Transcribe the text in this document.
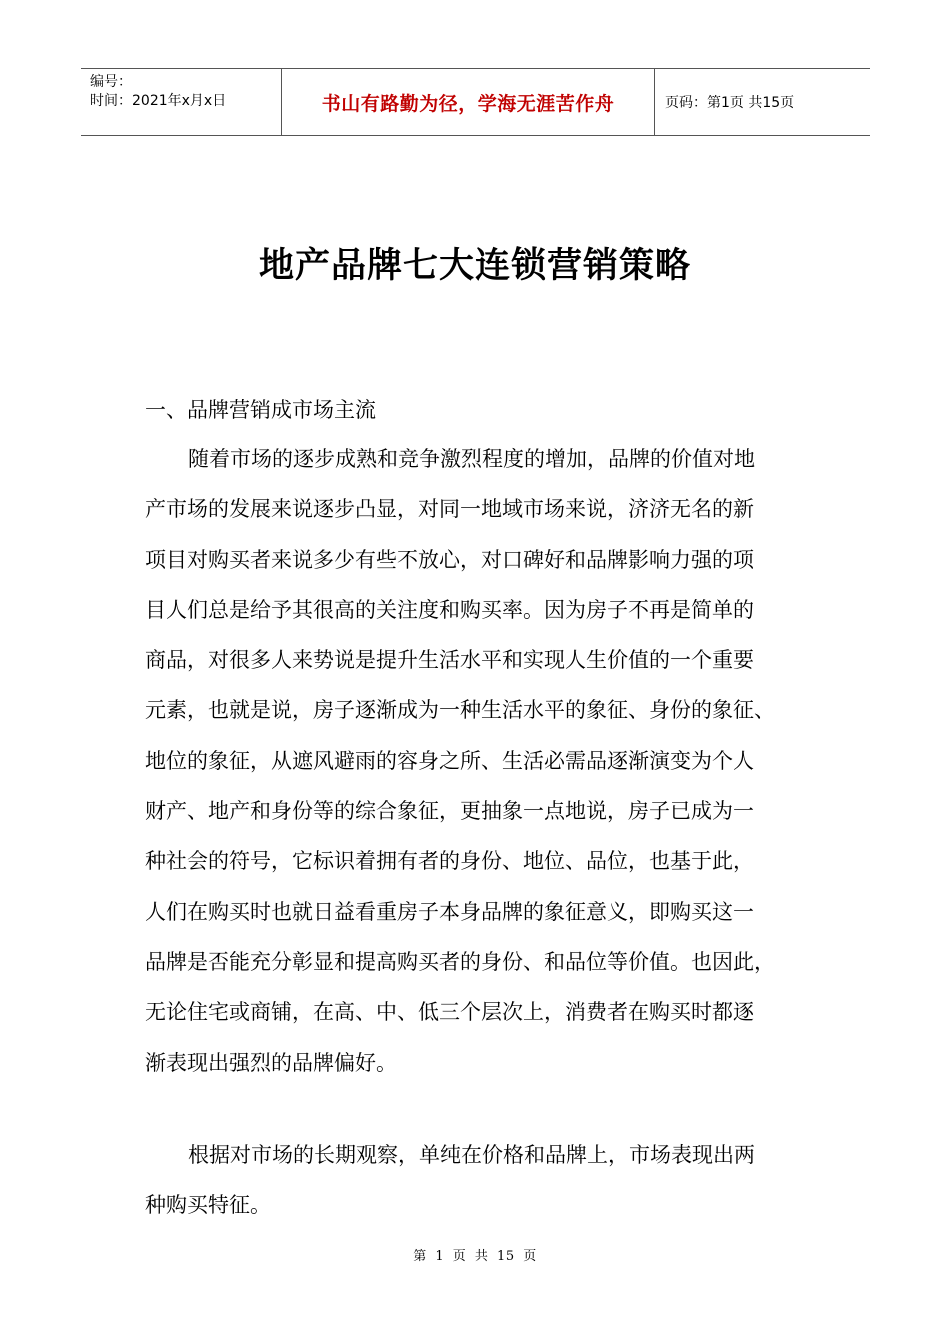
编号：
时间：2021年x月x日	书山有路勤为径，学海无涯苦作舟	页码：第1页 共15页
地产品牌七大连锁营销策略
一、品牌营销成市场主流
随着市场的逐步成熟和竞争激烈程度的增加，品牌的价值对地
产市场的发展来说逐步凸显，对同一地域市场来说，济济无名的新
项目对购买者来说多少有些不放心，对口碑好和品牌影响力强的项
目人们总是给予其很高的关注度和购买率。因为房子不再是简单的
商品，对很多人来势说是提升生活水平和实现人生价值的一个重要
元素，也就是说，房子逐渐成为一种生活水平的象征、身份的象征、
地位的象征，从遮风避雨的容身之所、生活必需品逐渐演变为个人
财产、地产和身份等的综合象征，更抽象一点地说，房子已成为一
种社会的符号，它标识着拥有者的身份、地位、品位，也基于此，
人们在购买时也就日益看重房子本身品牌的象征意义，即购买这一
品牌是否能充分彰显和提高购买者的身份、和品位等价值。也因此，
无论住宅或商铺，在高、中、低三个层次上，消费者在购买时都逐
渐表现出强烈的品牌偏好。
根据对市场的长期观察，单纯在价格和品牌上，市场表现出两
种购买特征。
第 1 页 共 15 页
